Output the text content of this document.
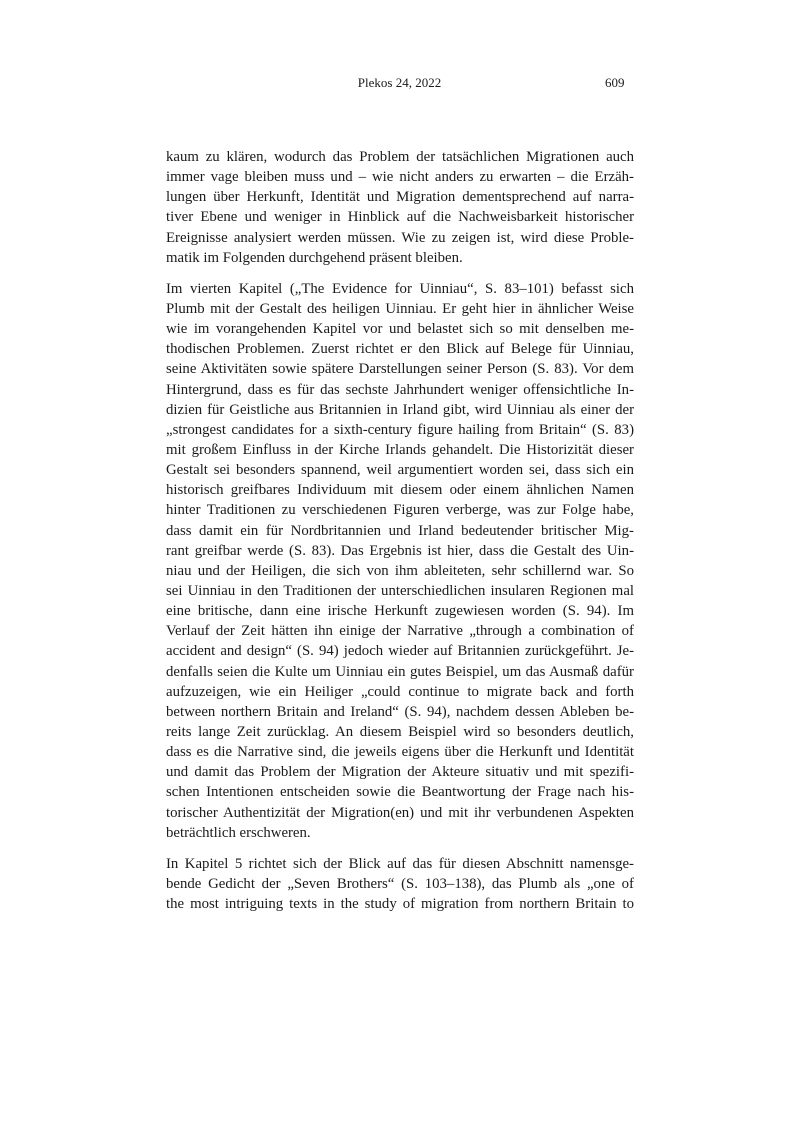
Plekos 24, 2022	609
kaum zu klären, wodurch das Problem der tatsächlichen Migrationen auch
immer vage bleiben muss und – wie nicht anders zu erwarten – die Erzäh-
lungen über Herkunft, Identität und Migration dementsprechend auf narra-
tiver Ebene und weniger in Hinblick auf die Nachweisbarkeit historischer
Ereignisse analysiert werden müssen. Wie zu zeigen ist, wird diese Proble-
matik im Folgenden durchgehend präsent bleiben.
Im vierten Kapitel („The Evidence for Uinniau“, S. 83–101) befasst sich
Plumb mit der Gestalt des heiligen Uinniau. Er geht hier in ähnlicher Weise
wie im vorangehenden Kapitel vor und belastet sich so mit denselben me-
thodischen Problemen. Zuerst richtet er den Blick auf Belege für Uinniau,
seine Aktivitäten sowie spätere Darstellungen seiner Person (S. 83). Vor dem
Hintergrund, dass es für das sechste Jahrhundert weniger offensichtliche In-
dizien für Geistliche aus Britannien in Irland gibt, wird Uinniau als einer der
„strongest candidates for a sixth-century figure hailing from Britain“ (S. 83)
mit großem Einfluss in der Kirche Irlands gehandelt. Die Historizität dieser
Gestalt sei besonders spannend, weil argumentiert worden sei, dass sich ein
historisch greifbares Individuum mit diesem oder einem ähnlichen Namen
hinter Traditionen zu verschiedenen Figuren verberge, was zur Folge habe,
dass damit ein für Nordbritannien und Irland bedeutender britischer Mig-
rant greifbar werde (S. 83). Das Ergebnis ist hier, dass die Gestalt des Uin-
niau und der Heiligen, die sich von ihm ableiteten, sehr schillernd war. So
sei Uinniau in den Traditionen der unterschiedlichen insularen Regionen mal
eine britische, dann eine irische Herkunft zugewiesen worden (S. 94). Im
Verlauf der Zeit hätten ihn einige der Narrative „through a combination of
accident and design“ (S. 94) jedoch wieder auf Britannien zurückgeführt. Je-
denfalls seien die Kulte um Uinniau ein gutes Beispiel, um das Ausmaß dafür
aufzuzeigen, wie ein Heiliger „could continue to migrate back and forth
between northern Britain and Ireland“ (S. 94), nachdem dessen Ableben be-
reits lange Zeit zurücklag. An diesem Beispiel wird so besonders deutlich,
dass es die Narrative sind, die jeweils eigens über die Herkunft und Identität
und damit das Problem der Migration der Akteure situativ und mit spezifi-
schen Intentionen entscheiden sowie die Beantwortung der Frage nach his-
torischer Authentizität der Migration(en) und mit ihr verbundenen Aspekten
beträchtlich erschweren.
In Kapitel 5 richtet sich der Blick auf das für diesen Abschnitt namensge-
bende Gedicht der „Seven Brothers“ (S. 103–138), das Plumb als „one of
the most intriguing texts in the study of migration from northern Britain to
